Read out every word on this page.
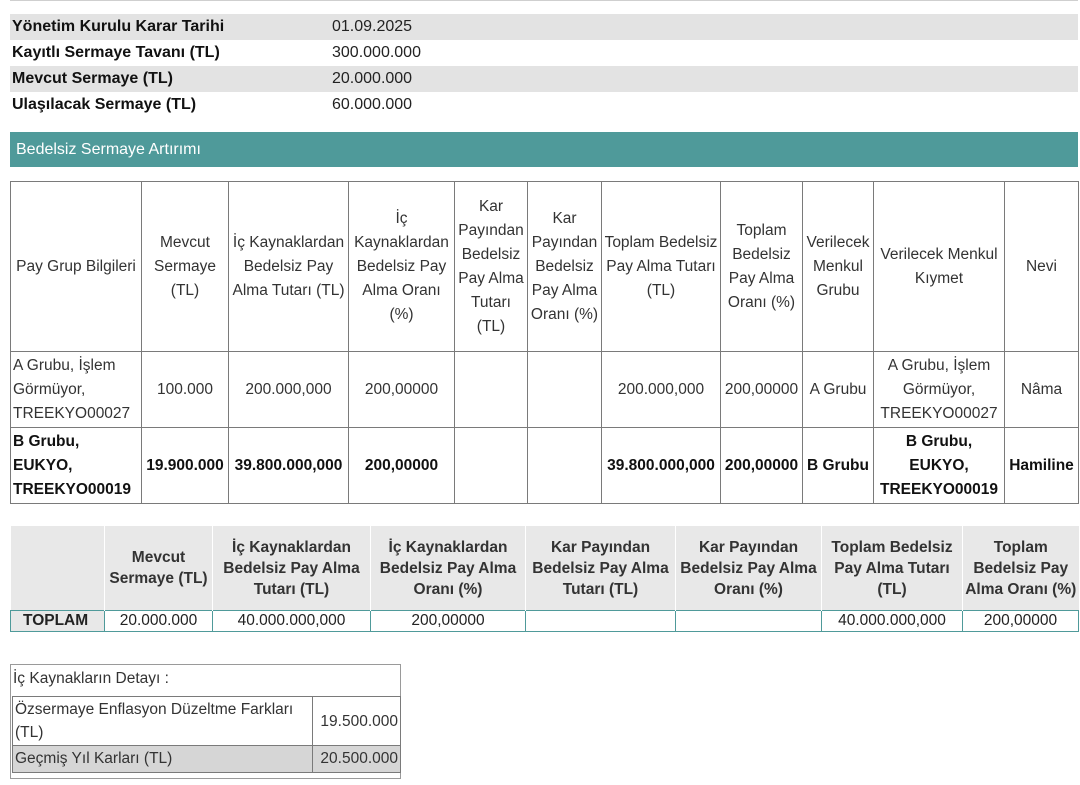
Yönetim Kurulu Karar Tarihi	01.09.2025
Kayıtlı Sermaye Tavanı (TL)	300.000.000
Mevcut Sermaye (TL)	20.000.000
Ulaşılacak Sermaye (TL)	60.000.000
Bedelsiz Sermaye Artırımı
Pay Grup Bilgileri	Mevcut Sermaye (TL)	İç Kaynaklardan Bedelsiz Pay Alma Tutarı (TL)	İç Kaynaklardan Bedelsiz Pay Alma Oranı (%)	Kar Payından Bedelsiz Pay Alma Tutarı (TL)	Kar Payından Bedelsiz Pay Alma Oranı (%)	Toplam Bedelsiz Pay Alma Tutarı (TL)	Toplam Bedelsiz Pay Alma Oranı (%)	Verilecek Menkul Grubu	Verilecek Menkul Kıymet	Nevi
A Grubu, İşlem Görmüyor, TREEKYO00027	100.000	200.000,000	200,00000			200.000,000	200,00000	A Grubu	A Grubu, İşlem Görmüyor, TREEKYO00027	Nâma
B Grubu, EUKYO, TREEKYO00019	19.900.000	39.800.000,000	200,00000			39.800.000,000	200,00000	B Grubu	B Grubu, EUKYO, TREEKYO00019	Hamiline
	Mevcut Sermaye (TL)	İç Kaynaklardan Bedelsiz Pay Alma Tutarı (TL)	İç Kaynaklardan Bedelsiz Pay Alma Oranı (%)	Kar Payından Bedelsiz Pay Alma Tutarı (TL)	Kar Payından Bedelsiz Pay Alma Oranı (%)	Toplam Bedelsiz Pay Alma Tutarı (TL)	Toplam Bedelsiz Pay Alma Oranı (%)
TOPLAM	20.000.000	40.000.000,000	200,00000			40.000.000,000	200,00000
İç Kaynakların Detayı :
Özsermaye Enflasyon Düzeltme Farkları (TL)	19.500.000
Geçmiş Yıl Karları (TL)	20.500.000
